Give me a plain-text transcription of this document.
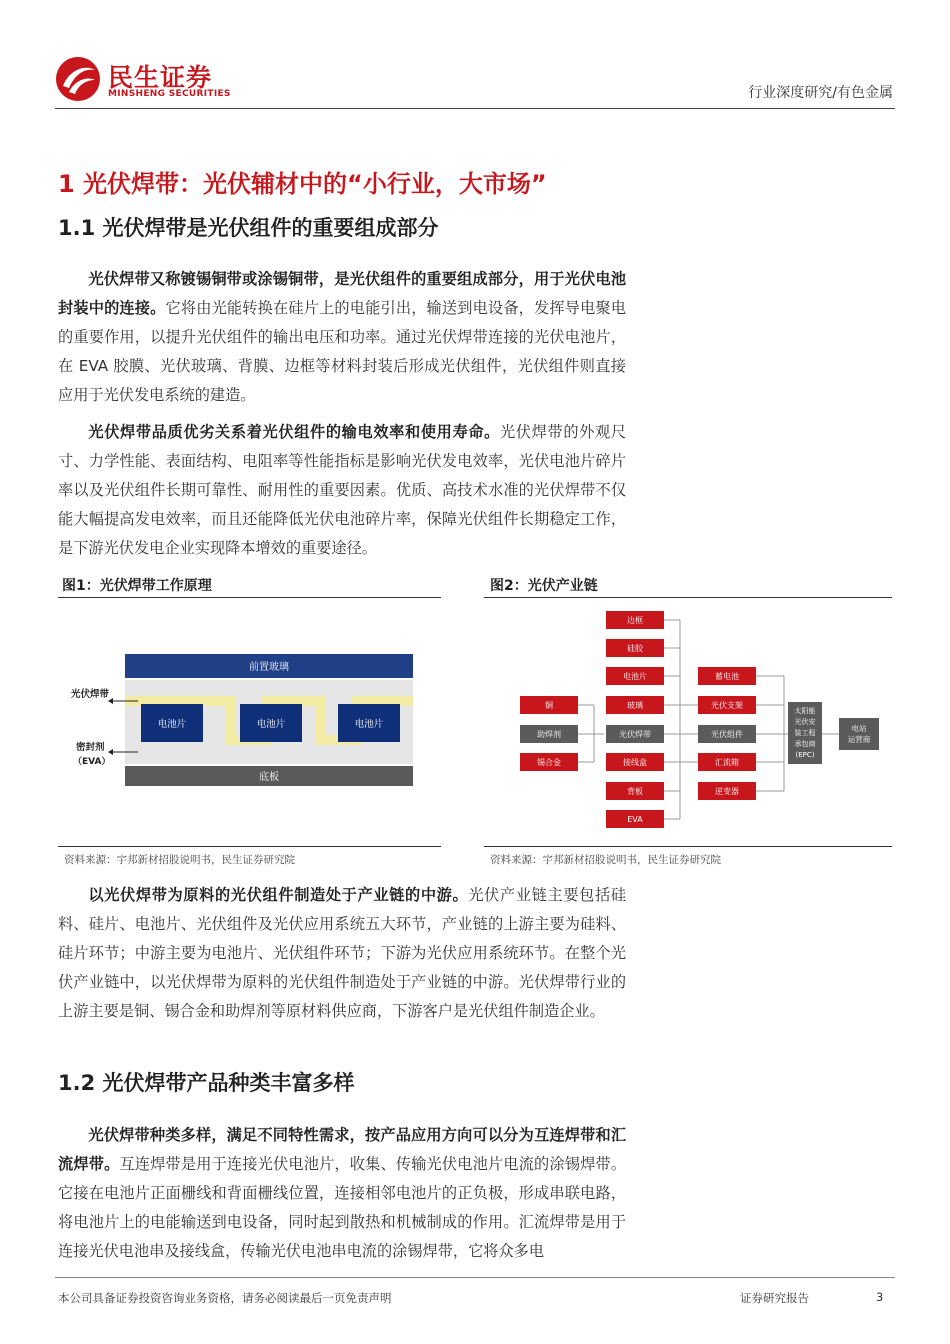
民生证券
MINSHENG SECURITIES	行业深度研究/有色金属
1 光伏焊带：光伏辅材中的“小行业，大市场”
1.1 光伏焊带是光伏组件的重要组成部分

光伏焊带又称镀锡铜带或涂锡铜带，是光伏组件的重要组成部分，用于光伏电池封装中的连接。它将由光能转换在硅片上的电能引出，输送到电设备，发挥导电聚电的重要作用，以提升光伏组件的输出电压和功率。通过光伏焊带连接的光伏电池片，在 EVA 胶膜、光伏玻璃、背膜、边框等材料封装后形成光伏组件，光伏组件则直接应用于光伏发电系统的建造。

光伏焊带品质优劣关系着光伏组件的输电效率和使用寿命。光伏焊带的外观尺寸、力学性能、表面结构、电阻率等性能指标是影响光伏发电效率，光伏电池片碎片率以及光伏组件长期可靠性、耐用性的重要因素。优质、高技术水准的光伏焊带不仅能大幅提高发电效率，而且还能降低光伏电池碎片率，保障光伏组件长期稳定工作，是下游光伏发电企业实现降本增效的重要途径。

图1：光伏焊带工作原理
前置玻璃
电池片	电池片	电池片
底板
光伏焊带
密封剂
（EVA）
资料来源：宇邦新材招股说明书，民生证券研究院
图2：光伏产业链
铜
助焊剂
锡合金
边框
硅胶
电池片
玻璃
光伏焊带
接线盒
背板
EVA
蓄电池
光伏支架
光伏组件
汇流箱
逆变器
太阳能
光伏安
装工程
承包商
(EPC)
电站
运营商
资料来源：宇邦新材招股说明书，民生证券研究院

以光伏焊带为原料的光伏组件制造处于产业链的中游。光伏产业链主要包括硅料、硅片、电池片、光伏组件及光伏应用系统五大环节，产业链的上游主要为硅料、硅片环节；中游主要为电池片、光伏组件环节；下游为光伏应用系统环节。在整个光伏产业链中，以光伏焊带为原料的光伏组件制造处于产业链的中游。光伏焊带行业的上游主要是铜、锡合金和助焊剂等原材料供应商，下游客户是光伏组件制造企业。

1.2 光伏焊带产品种类丰富多样

光伏焊带种类多样，满足不同特性需求，按产品应用方向可以分为互连焊带和汇流焊带。互连焊带是用于连接光伏电池片，收集、传输光伏电池片电流的涂锡焊带。它接在电池片正面栅线和背面栅线位置，连接相邻电池片的正负极，形成串联电路，将电池片上的电能输送到电设备，同时起到散热和机械制成的作用。汇流焊带是用于连接光伏电池串及接线盒，传输光伏电池串电流的涂锡焊带，它将众多电

本公司具备证券投资咨询业务资格，请务必阅读最后一页免责声明	证券研究报告	3
